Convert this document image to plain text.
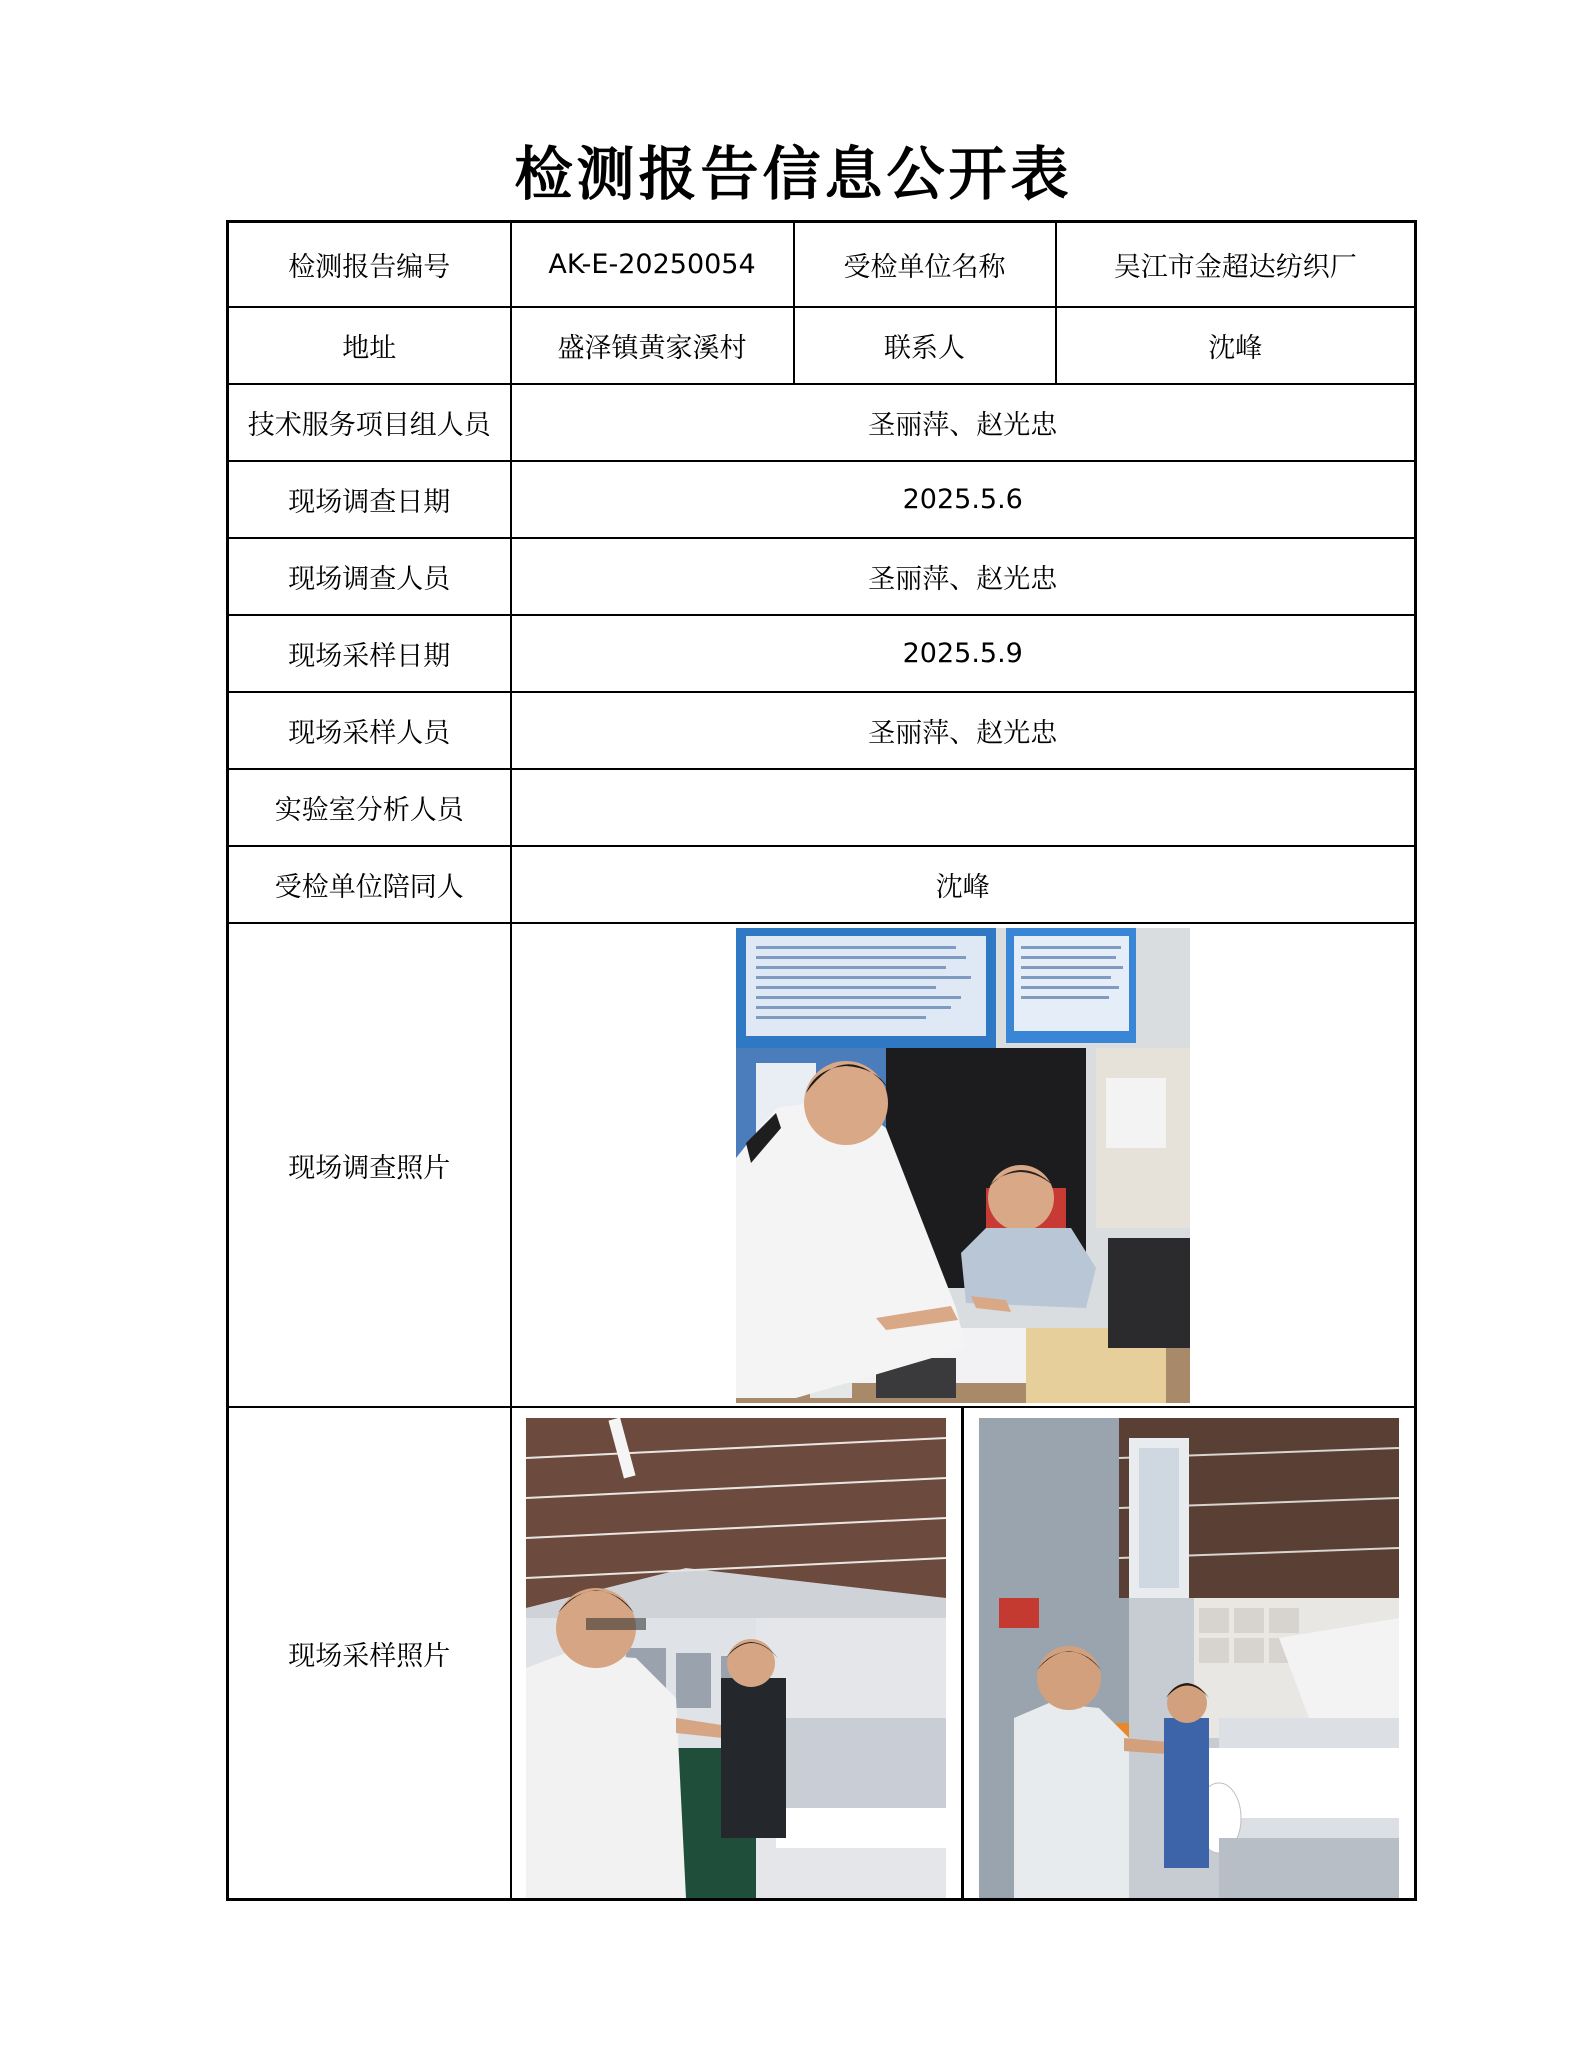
检测报告信息公开表
检测报告编号	AK-E-20250054	受检单位名称	吴江市金超达纺织厂
地址	盛泽镇黄家溪村	联系人	沈峰
技术服务项目组人员	圣丽萍、赵光忠		
现场调查日期	2025.5.6		
现场调查人员	圣丽萍、赵光忠		
现场采样日期	2025.5.9		
现场采样人员	圣丽萍、赵光忠		
实验室分析人员			
受检单位陪同人	沈峰		
现场调查照片	

现场采样照片	
